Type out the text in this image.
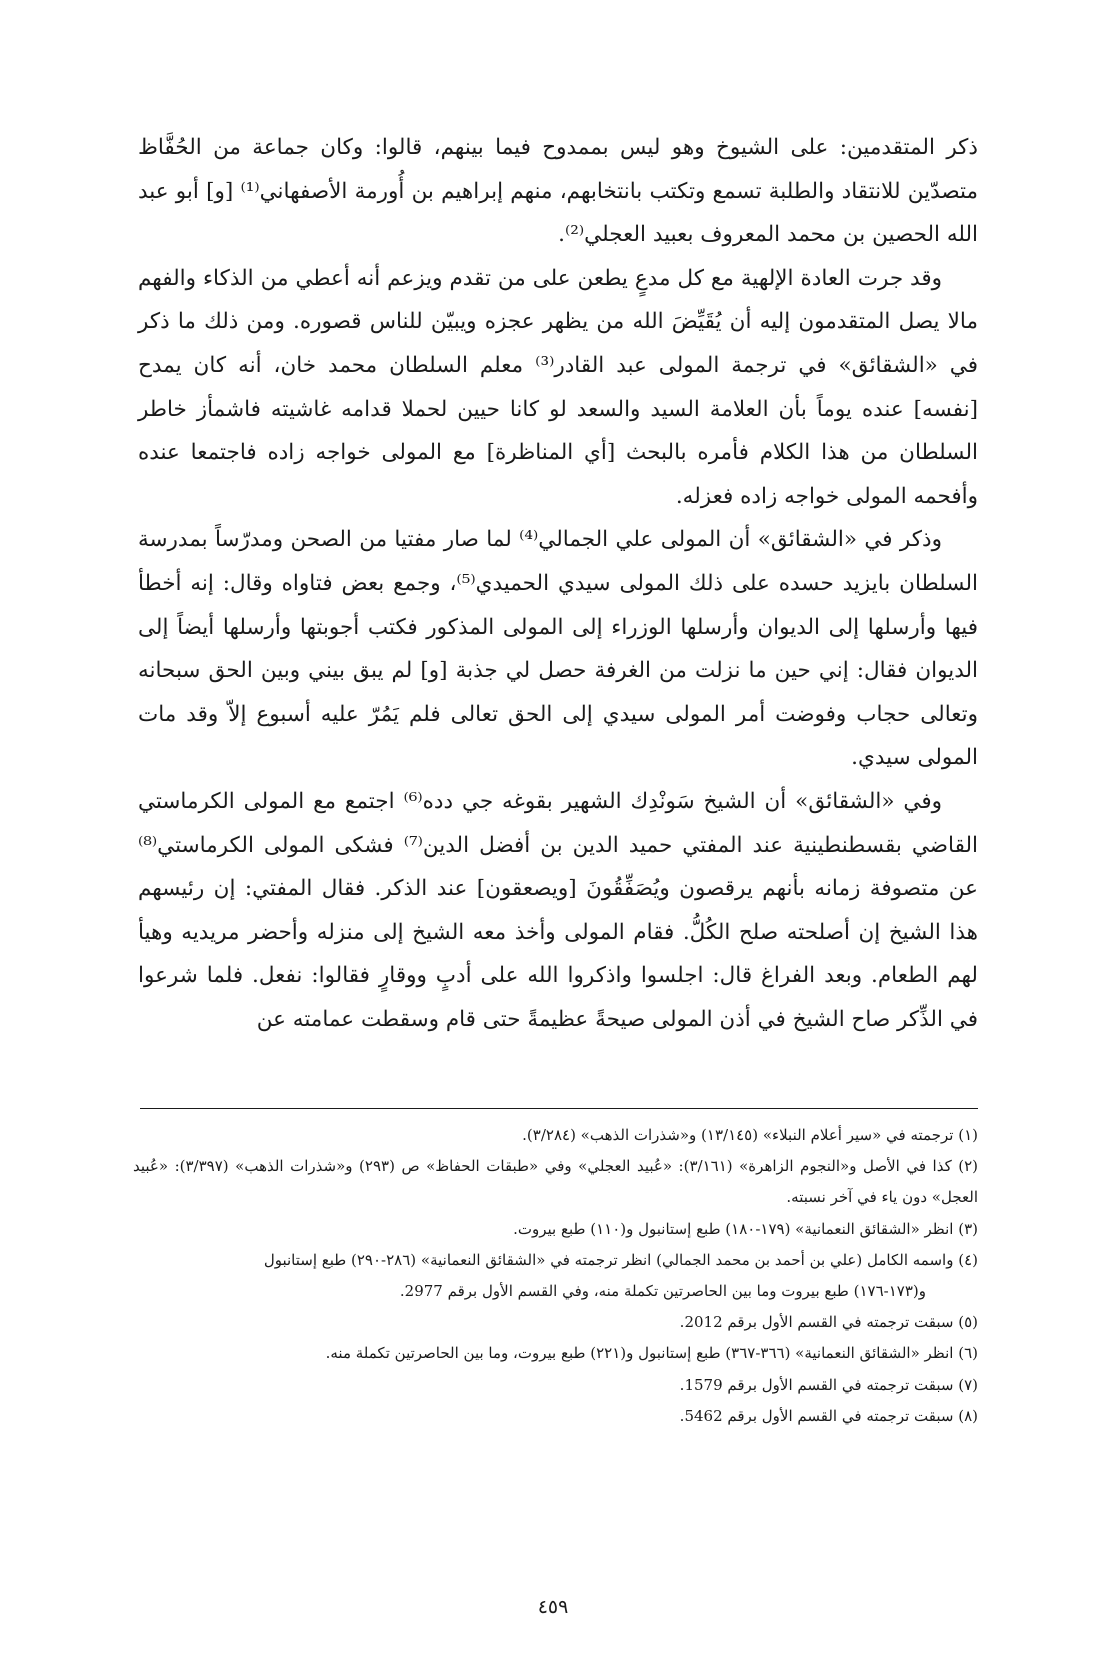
ذكر المتقدمين: على الشيوخ وهو ليس بممدوح فيما بينهم، قالوا: وكان جماعة من الحُفَّاظ متصدّين للانتقاد والطلبة تسمع وتكتب بانتخابهم، منهم إبراهيم بن أُورمة الأصفهاني⁽¹⁾ [و] أبو عبد الله الحصين بن محمد المعروف بعبيد العجلي⁽²⁾.

وقد جرت العادة الإلهية مع كل مدعٍ يطعن على من تقدم ويزعم أنه أعطي من الذكاء والفهم مالا يصل المتقدمون إليه أن يُقَيِّضَ الله من يظهر عجزه ويبيّن للناس قصوره. ومن ذلك ما ذكر في «الشقائق» في ترجمة المولى عبد القادر⁽³⁾ معلم السلطان محمد خان، أنه كان يمدح [نفسه] عنده يوماً بأن العلامة السيد والسعد لو كانا حيين لحملا قدامه غاشيته فاشمأز خاطر السلطان من هذا الكلام فأمره بالبحث [أي المناظرة] مع المولى خواجه زاده فاجتمعا عنده وأفحمه المولى خواجه زاده فعزله.

وذكر في «الشقائق» أن المولى علي الجمالي⁽⁴⁾ لما صار مفتيا من الصحن ومدرّساً بمدرسة السلطان بايزيد حسده على ذلك المولى سيدي الحميدي⁽⁵⁾، وجمع بعض فتاواه وقال: إنه أخطأ فيها وأرسلها إلى الديوان وأرسلها الوزراء إلى المولى المذكور فكتب أجوبتها وأرسلها أيضاً إلى الديوان فقال: إني حين ما نزلت من الغرفة حصل لي جذبة [و] لم يبق بيني وبين الحق سبحانه وتعالى حجاب وفوضت أمر المولى سيدي إلى الحق تعالى فلم يَمُرّ عليه أسبوع إلاّ وقد مات المولى سيدي.

وفي «الشقائق» أن الشيخ سَونْدِك الشهير بقوغه جي دده⁽⁶⁾ اجتمع مع المولى الكرماستي القاضي بقسطنطينية عند المفتي حميد الدين بن أفضل الدين⁽⁷⁾ فشكى المولى الكرماستي⁽⁸⁾ عن متصوفة زمانه بأنهم يرقصون ويُصَفِّقُونَ [ويصعقون] عند الذكر. فقال المفتي: إن رئيسهم هذا الشيخ إن أصلحته صلح الكُلُّ. فقام المولى وأخذ معه الشيخ إلى منزله وأحضر مريديه وهيأ لهم الطعام. وبعد الفراغ قال: اجلسوا واذكروا الله على أدبٍ ووقارٍ فقالوا: نفعل. فلما شرعوا في الذِّكر صاح الشيخ في أذن المولى صيحةً عظيمةً حتى قام وسقطت عمامته عن

(١) ترجمته في «سير أعلام النبلاء» (١٣/١٤٥) و«شذرات الذهب» (٣/٢٨٤).

(٢) كذا في الأصل و«النجوم الزاهرة» (٣/١٦١): «عُبيد العجلي» وفي «طبقات الحفاظ» ص (٢٩٣) و«شذرات الذهب» (٣/٣٩٧): «عُبيد العجل» دون ياء في آخر نسبته.

(٣) انظر «الشقائق النعمانية» (١٧٩-١٨٠) طبع إستانبول و(١١٠) طبع بيروت.

(٤) واسمه الكامل (علي بن أحمد بن محمد الجمالي) انظر ترجمته في «الشقائق النعمانية» (٢٨٦-٢٩٠) طبع إستانبول

و(١٧٣-١٧٦) طبع بيروت وما بين الحاصرتين تكملة منه، وفي القسم الأول برقم 2977.

(٥) سبقت ترجمته في القسم الأول برقم 2012.

(٦) انظر «الشقائق النعمانية» (٣٦٦-٣٦٧) طبع إستانبول و(٢٢١) طبع بيروت، وما بين الحاصرتين تكملة منه.

(٧) سبقت ترجمته في القسم الأول برقم 1579.

(٨) سبقت ترجمته في القسم الأول برقم 5462.

٤٥٩
